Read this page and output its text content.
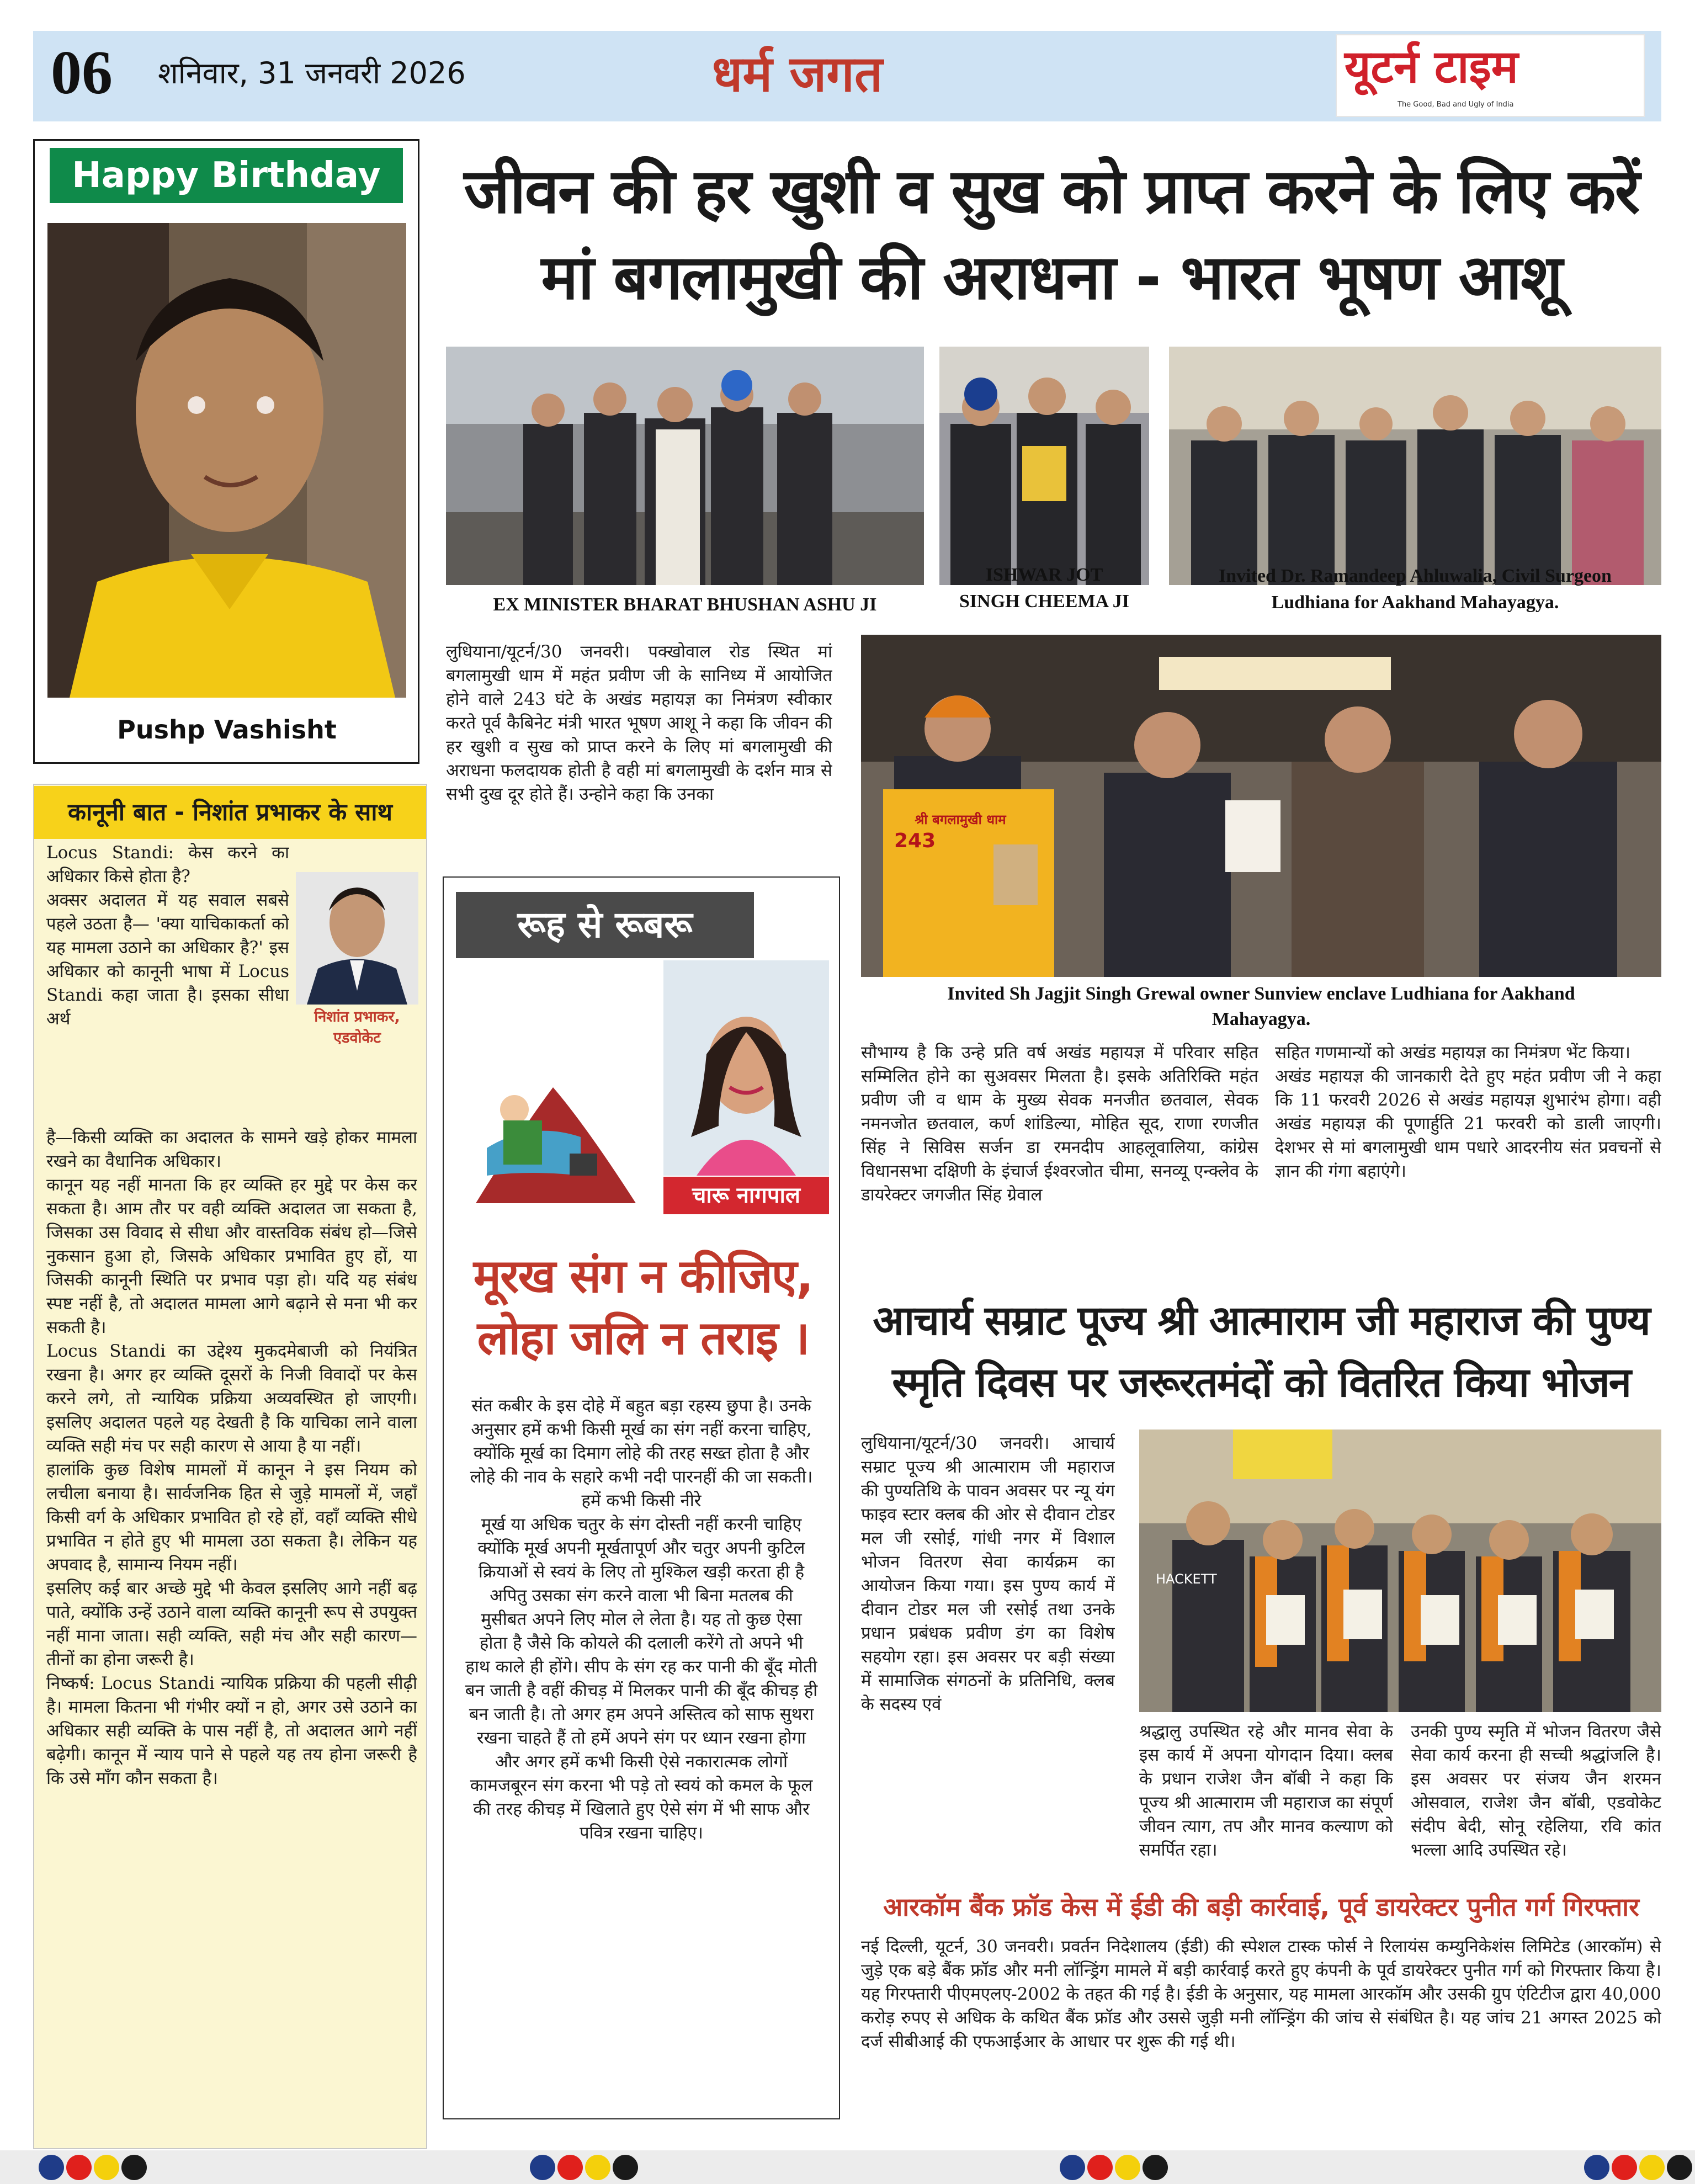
06 शनिवार, 31 जनवरी 2026	धर्म जगत	यूटर्न टाइम
The Good, Bad and Ugly of India
Happy Birthday
Pushp Vashisht
कानूनी बात - निशांत प्रभाकर के साथ
निशांत प्रभाकर,
एडवोकेट
Locus Standi: केस करने का अधिकार किसे होता है?
अक्सर अदालत में यह सवाल सबसे पहले उठता है— 'क्या याचिकाकर्ता को यह मामला उठाने का अधिकार है?' इस अधिकार को कानूनी भाषा में Locus Standi कहा जाता है। इसका सीधा अर्थ
है—किसी व्यक्ति का अदालत के सामने खड़े होकर मामला रखने का वैधानिक अधिकार।
कानून यह नहीं मानता कि हर व्यक्ति हर मुद्दे पर केस कर सकता है। आम तौर पर वही व्यक्ति अदालत जा सकता है, जिसका उस विवाद से सीधा और वास्तविक संबंध हो—जिसे नुकसान हुआ हो, जिसके अधिकार प्रभावित हुए हों, या जिसकी कानूनी स्थिति पर प्रभाव पड़ा हो। यदि यह संबंध स्पष्ट नहीं है, तो अदालत मामला आगे बढ़ाने से मना भी कर सकती है।
Locus Standi का उद्देश्य मुकदमेबाजी को नियंत्रित रखना है। अगर हर व्यक्ति दूसरों के निजी विवादों पर केस करने लगे, तो न्यायिक प्रक्रिया अव्यवस्थित हो जाएगी। इसलिए अदालत पहले यह देखती है कि याचिका लाने वाला व्यक्ति सही मंच पर सही कारण से आया है या नहीं।
हालांकि कुछ विशेष मामलों में कानून ने इस नियम को लचीला बनाया है। सार्वजनिक हित से जुड़े मामलों में, जहाँ किसी वर्ग के अधिकार प्रभावित हो रहे हों, वहाँ व्यक्ति सीधे प्रभावित न होते हुए भी मामला उठा सकता है। लेकिन यह अपवाद है, सामान्य नियम नहीं।
इसलिए कई बार अच्छे मुद्दे भी केवल इसलिए आगे नहीं बढ़ पाते, क्योंकि उन्हें उठाने वाला व्यक्ति कानूनी रूप से उपयुक्त नहीं माना जाता। सही व्यक्ति, सही मंच और सही कारण—तीनों का होना जरूरी है।
निष्कर्ष: Locus Standi न्यायिक प्रक्रिया की पहली सीढ़ी है। मामला कितना भी गंभीर क्यों न हो, अगर उसे उठाने का अधिकार सही व्यक्ति के पास नहीं है, तो अदालत आगे नहीं बढ़ेगी। कानून में न्याय पाने से पहले यह तय होना जरूरी है कि उसे माँग कौन सकता है।
जीवन की हर खुशी व सुख को प्राप्त करने के लिए करें
मां बगलामुखी की अराधना - भारत भूषण आशू
EX MINISTER BHARAT BHUSHAN ASHU JI
ISHWAR JOT
SINGH CHEEMA JI
Invited Dr. Ramandeep Ahluwalia, Civil Surgeon
Ludhiana for Aakhand Mahayagya.
लुधियाना/यूटर्न/30 जनवरी। पक्खोवाल रोड स्थित मां बगलामुखी धाम में महंत प्रवीण जी के सानिध्य में आयोजित होने वाले 243 घंटे के अखंड महायज्ञ का निमंत्रण स्वीकार करते पूर्व कैबिनेट मंत्री भारत भूषण आशू ने कहा कि जीवन की हर खुशी व सुख को प्राप्त करने के लिए मां बगलामुखी की अराधना फलदायक होती है वही मां बगलामुखी के दर्शन मात्र से सभी दुख दूर होते हैं। उन्होने कहा कि उनका
श्री बगलामुखी धाम
243
Invited Sh Jagjit Singh Grewal owner Sunview enclave Ludhiana for Aakhand
Mahayagya.
सौभाग्य है कि उन्हे प्रति वर्ष अखंड महायज्ञ में परिवार सहित सम्मिलित होने का सुअवसर मिलता है। इसके अतिरिक्ति महंत प्रवीण जी व धाम के मुख्य सेवक मनजीत छतवाल, सेवक नमनजोत छतवाल, कर्ण शांडिल्या, मोहित सूद, राणा रणजीत सिंह ने सिविस सर्जन डा रमनदीप आहलूवालिया, कांग्रेस विधानसभा दक्षिणी के इंचार्ज ईश्वरजोत चीमा, सनव्यू एन्क्लेव के डायरेक्टर जगजीत सिंह ग्रेवाल
सहित गणमान्यों को अखंड महायज्ञ का निमंत्रण भेंट किया।
अखंड महायज्ञ की जानकारी देते हुए महंत प्रवीण जी ने कहा कि 11 फरवरी 2026 से अखंड महायज्ञ शुभारंभ होगा। वही अखंड महायज्ञ की पूणार्हुति 21 फरवरी को डाली जाएगी। देशभर से मां बगलामुखी धाम पधारे आदरनीय संत प्रवचनों से ज्ञान की गंगा बहाएंगे।
रूह से रूबरू
चारू नागपाल
मूरख संग न कीजिए,
लोहा जलि न तराइ ।
संत कबीर के इस दोहे में बहुत बड़ा रहस्य छुपा है। उनके अनुसार हमें कभी किसी मूर्ख का संग नहीं करना चाहिए, क्योंकि मूर्ख का दिमाग लोहे की तरह सख्त होता है और लोहे की नाव के सहारे कभी नदी पारनहीं की जा सकती। हमें कभी किसी नीरे
मूर्ख या अधिक चतुर के संग दोस्ती नहीं करनी चाहिए क्योंकि मूर्ख अपनी मूर्खतापूर्ण और चतुर अपनी कुटिल क्रियाओं से स्वयं के लिए तो मुश्किल खड़ी करता ही है अपितु उसका संग करने वाला भी बिना मतलब की मुसीबत अपने लिए मोल ले लेता है। यह तो कुछ ऐसा होता है जैसे कि कोयले की दलाली करेंगे तो अपने भी हाथ काले ही होंगे। सीप के संग रह कर पानी की बूँद मोती बन जाती है वहीं कीचड़ में मिलकर पानी की बूँद कीचड़ ही बन जाती है। तो अगर हम अपने अस्तित्व को साफ सुथरा रखना चाहते हैं तो हमें अपने संग पर ध्यान रखना होगा और अगर हमें कभी किसी ऐसे नकारात्मक लोगों कामजबूरन संग करना भी पड़े तो स्वयं को कमल के फूल की तरह कीचड़ में खिलाते हुए ऐसे संग में भी साफ और पवित्र रखना चाहिए।
आचार्य सम्राट पूज्य श्री आत्माराम जी महाराज की पुण्य
स्मृति दिवस पर जरूरतमंदों को वितरित किया भोजन
लुधियाना/यूटर्न/30 जनवरी। आचार्य सम्राट पूज्य श्री आत्माराम जी महाराज की पुण्यतिथि के पावन अवसर पर न्यू यंग फाइव स्टार क्लब की ओर से दीवान टोडर मल जी रसोई, गांधी नगर में विशाल भोजन वितरण सेवा कार्यक्रम का आयोजन किया गया। इस पुण्य कार्य में दीवान टोडर मल जी रसोई तथा उनके प्रधान प्रबंधक प्रवीण डंग का विशेष सहयोग रहा। इस अवसर पर बड़ी संख्या में सामाजिक संगठनों के प्रतिनिधि, क्लब के सदस्य एवं
HACKETT
श्रद्धालु उपस्थित रहे और मानव सेवा के इस कार्य में अपना योगदान दिया। क्लब के प्रधान राजेश जैन बॉबी ने कहा कि पूज्य श्री आत्माराम जी महाराज का संपूर्ण जीवन त्याग, तप और मानव कल्याण को समर्पित रहा।
उनकी पुण्य स्मृति में भोजन वितरण जैसे सेवा कार्य करना ही सच्ची श्रद्धांजलि है। इस अवसर पर संजय जैन शरमन ओसवाल, राजेश जैन बॉबी, एडवोकेट संदीप बेदी, सोनू रहेलिया, रवि कांत भल्ला आदि उपस्थित रहे।
आरकॉम बैंक फ्रॉड केस में ईडी की बड़ी कार्रवाई, पूर्व डायरेक्टर पुनीत गर्ग गिरफ्तार
नई दिल्ली, यूटर्न, 30 जनवरी। प्रवर्तन निदेशालय (ईडी) की स्पेशल टास्क फोर्स ने रिलायंस कम्युनिकेशंस लिमिटेड (आरकॉम) से जुड़े एक बड़े बैंक फ्रॉड और मनी लॉन्ड्रिंग मामले में बड़ी कार्रवाई करते हुए कंपनी के पूर्व डायरेक्टर पुनीत गर्ग को गिरफ्तार किया है। यह गिरफ्तारी पीएमएलए-2002 के तहत की गई है। ईडी के अनुसार, यह मामला आरकॉम और उसकी ग्रुप एंटिटीज द्वारा 40,000 करोड़ रुपए से अधिक के कथित बैंक फ्रॉड और उससे जुड़ी मनी लॉन्ड्रिंग की जांच से संबंधित है। यह जांच 21 अगस्त 2025 को दर्ज सीबीआई की एफआईआर के आधार पर शुरू की गई थी।
